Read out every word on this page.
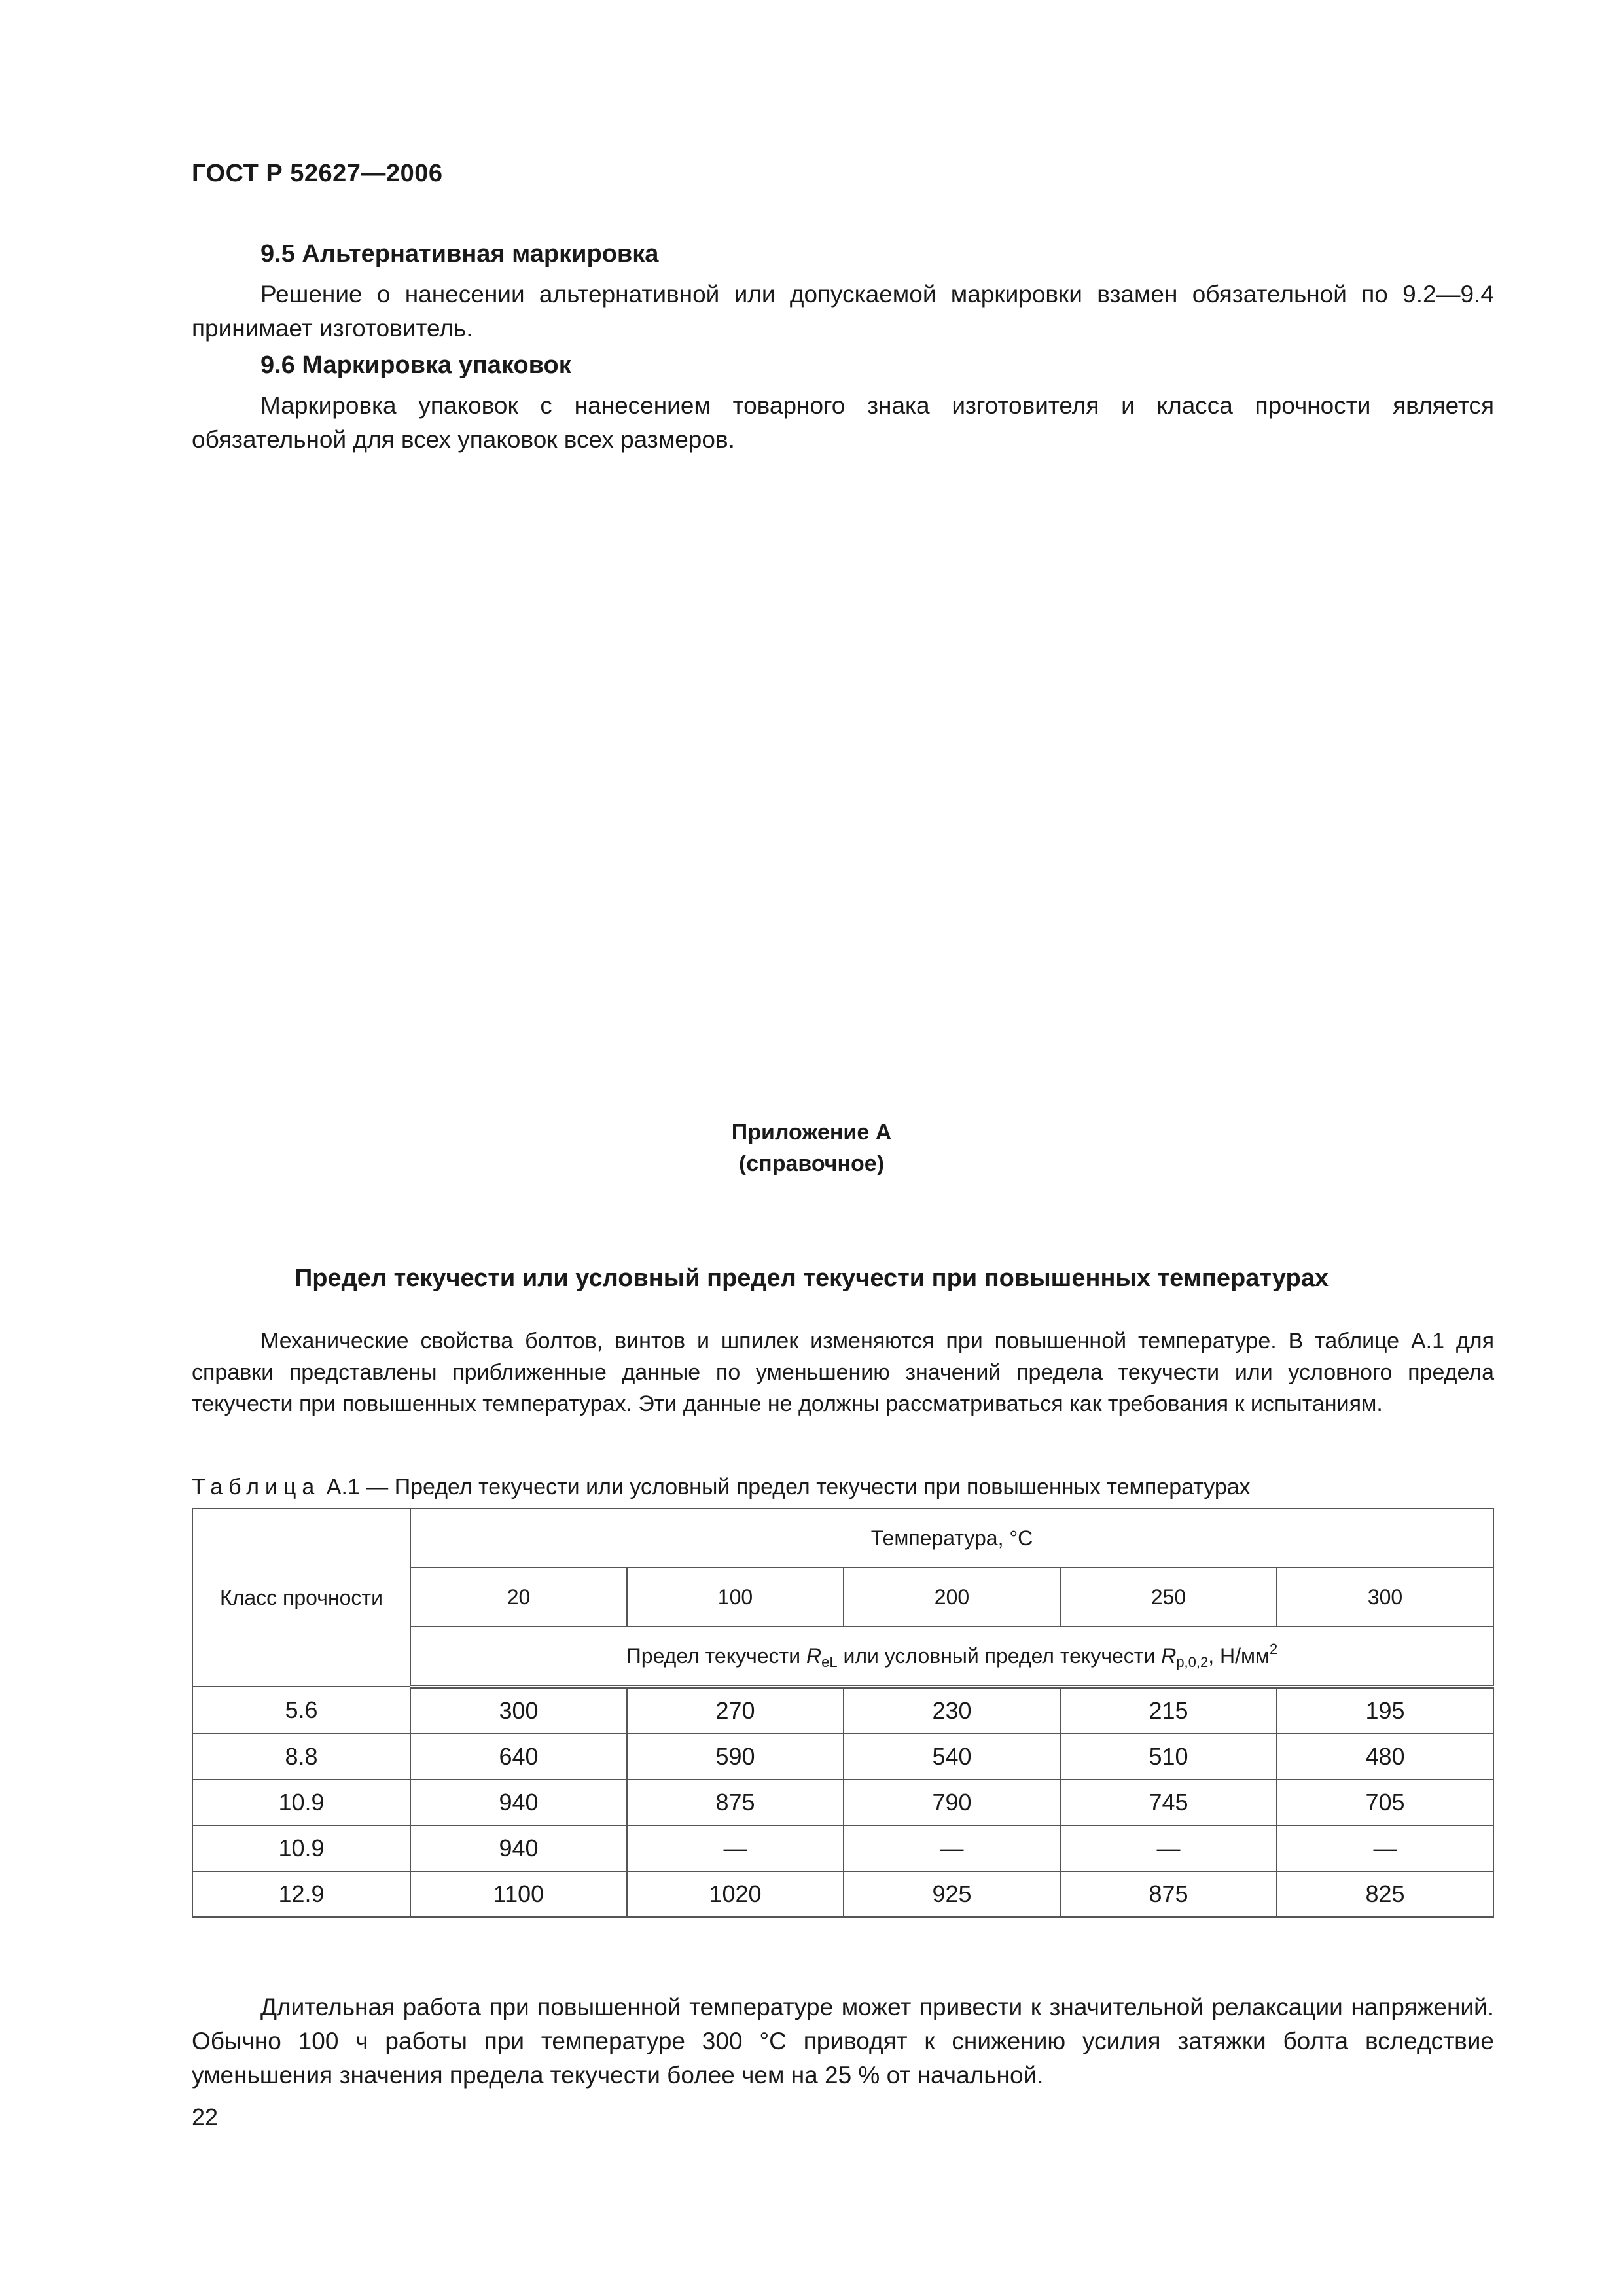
ГОСТ Р 52627—2006
9.5 Альтернативная маркировка

Решение о нанесении альтернативной или допускаемой маркировки взамен обязательной по 9.2—9.4 принимает изготовитель.

9.6 Маркировка упаковок

Маркировка упаковок с нанесением товарного знака изготовителя и класса прочности является обязательной для всех упаковок всех размеров.

Приложение А
(справочное)
Предел текучести или условный предел текучести при повышенных температурах

Механические свойства болтов, винтов и шпилек изменяются при повышенной температуре. В таблице А.1 для справки представлены приближенные данные по уменьшению значений предела текучести или условного предела текучести при повышенных температурах. Эти данные не должны рассматриваться как требования к испытаниям.

Таблица А.1 — Предел текучести или условный предел текучести при повышенных температурах
Класс прочности	Температура, °С				
	20	100	200	250	300
	Предел текучести $R_{eL}$ или условный предел текучести $R_{p,0,2}$, $Н/мм^2$
5.6	300	270	230	215	195
8.8	640	590	540	510	480
10.9	940	875	790	745	705
10.9	940	—	—	—	—
12.9	1100	1020	925	875	825

Длительная работа при повышенной температуре может привести к значительной релаксации напряжений. Обычно 100 ч работы при температуре 300 °С приводят к снижению усилия затяжки болта вследствие уменьшения значения предела текучести более чем на 25 % от начальной.

22
